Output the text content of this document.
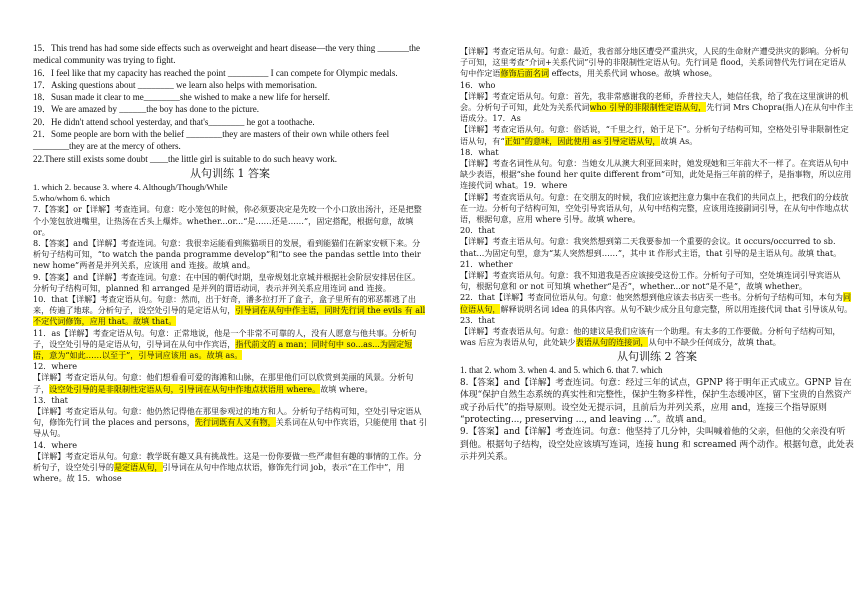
15．This trend has had some side effects such as overweight and heart disease—the very thing _______the medical community was trying to fight.

16．I feel like that my capacity has reached the point _________ I can compete for Olympic medals.

17．Asking questions about ________ we learn also helps with memorisation.

18．Susan made it clear to me________she wished to make a new life for herself.

19．We are amazed by ______the boy has done to the picture.

20．He didn't attend school yesterday, and that's________ he got a toothache.

21．Some people are born with the belief ________they are masters of their own while others feel ________they are at the mercy of others.

22.There still exists some doubt ____the little girl is suitable to do such heavy work.

从句训练 1 答案

1. which 2. because 3. where 4. Although/Though/While

5.who/whom 6. which

7.【答案】or【详解】考查连词。句意：吃小笼包的时候，你必须要决定是先咬一个小口放出汤汁，还是把整个小笼包放进嘴里，让热汤在舌头上爆炸。whether...or...“是……还是……”，固定搭配，根据句意，故填 or。

8.【答案】and【详解】考查连词。句意：我很幸运能看到熊猫项目的发展，看到能猫们在新家安顿下来。分析句子结构可知，“to watch the panda programme develop”和“to see the pandas settle into their new home”两者是并列关系，应该用 and 连接。故填 and。

9.【答案】and【详解】考查连词。句意：在中国的朝代时期，皇帝规划北京城并根据社会阶层安排居住区。分析句子结构可知，planned 和 arranged 是并列的谓语动词，表示并列关系应用连词 and 连接。

10．that【详解】考查定语从句。句意：然而，出于好奇，潘多拉打开了盒子，盒子里所有的邪恶都逃了出来，传遍了地球。分析句子，设空处引导的是定语从句，引导词在从句中作主语，同时先行词 the evils 有 all 不定代词修饰，应用 that。故填 that。

11．as【详解】考查定语从句。句意：正常地说，他是一个非常不可靠的人，没有人愿意与他共事。分析句子，设空处引导的是定语从句，引导词在从句中作宾语，指代前文的 a man；同时句中 so...as...为固定短语，意为“如此……以至于”，引导词应该用 as。故填 as。

12．where

【详解】考查定语从句。句意：他们想看看可爱的海滩和山脉，在那里他们可以欣赏到美丽的风景。分析句子，设空处引导的是非限制性定语从句，引导词在从句中作地点状语用 where。故填 where。

13．that

【详解】考查定语从句。句意：他仍然记得他在那里参观过的地方和人。分析句子结构可知，空处引导定语从句，修饰先行词 the places and persons，先行词既有人又有物，关系词在从句中作宾语，只能使用 that 引导从句。

14．where

【详解】考查定语从句。句意：教学既有趣又具有挑战性。这是一份你要做一些严肃但有趣的事情的工作。分析句子，设空处引导的是定语从句，引导词在从句中作地点状语，修饰先行词 job，表示“在工作中”，用 where。故 15．whose

【详解】考查定语从句。句意：最近，我省部分地区遭受严重洪灾，人民的生命财产遭受洪灾的影响。分析句子可知，这里考查“介词+关系代词”引导的非限制性定语从句。先行词是 flood，关系词替代先行词在定语从句中作定语修饰后面名词 effects，用关系代词 whose。故填 whose。

16．who

【详解】考查定语从句。句意：首先，我非常感谢我的老师，乔普拉夫人，她信任我，给了我在这里演讲的机会。分析句子可知，此处为关系代词who 引导的非限制性定语从句，先行词 Mrs Chopra(指人)在从句中作主语成分。17．As

【详解】考查定语从句。句意：俗话说，“千里之行，始于足下”。分析句子结构可知，空格处引导非限制性定语从句，有“正如”的意味，因此使用 as 引导定语从句，故填 As。

18．what

【详解】考查名词性从句。句意：当她女儿从澳大利亚回来时，她发现她和三年前大不一样了。在宾语从句中缺少表语，根据“she found her quite different from”可知，此处是指三年前的样子，是指事物，所以应用连接代词 what。19．where

【详解】考查宾语从句。句意：在交朋友的时候，我们应该把注意力集中在我们的共同点上，把我们的分歧放在一边。分析句子结构可知，空处引导宾语从句，从句中结构完整，应该用连接副词引导，在从句中作地点状语，根据句意，应用 where 引导。故填 where。

20．that

【详解】考查主语从句。句意：我突然想到第二天我要参加一个重要的会议。it occurs/occurred to sb. that...为固定句型，意为“某人突然想到……”，其中 it 作形式主语，that 引导的是主语从句。故填 that。

21．whether

【详解】考查宾语从句。句意：我不知道我是否应该接受这份工作。分析句子可知，空处填连词引导宾语从句，根据句意和 or not 可知填 whether“是否”，whether...or not“是不是”，故填 whether。

22．that【详解】考查同位语从句。句意：他突然想到他应该去书店买一些书。分析句子结构可知，本句为同位语从句，解释说明名词 idea 的具体内容。从句不缺少成分且句意完整，所以用连接代词 that 引导该从句。

23．that

【详解】考查表语从句。句意：他的建议是我们应该有一个助理。有太多的工作要做。分析句子结构可知，was 后应为表语从句，此处缺少表语从句的连接词，从句中不缺少任何成分，故填 that。

从句训练 2 答案

1. that 2. whom 3. when 4. and 5. which 6. that 7. which

8.【答案】and【详解】考查连词。句意：经过三年的试点，GPNP 将于明年正式成立。GPNP 旨在体现“保护自然生态系统的真实性和完整性，保护生物多样性，保护生态缓冲区，留下宝贵的自然资产或子孙后代”的指导原则。设空处无提示词，且前后为并列关系，应用 and，连接三个指导原则 “protecting..., preserving ..., and leaving ...”。故填 and。

9.【答案】and【详解】考查连词。句意：他坚持了几分钟，尖叫喊着他的父亲，但他的父亲没有听到他。根据句子结构，设空处应该填写连词，连接 hung 和 screamed 两个动作。根据句意，此处表示并列关系。
